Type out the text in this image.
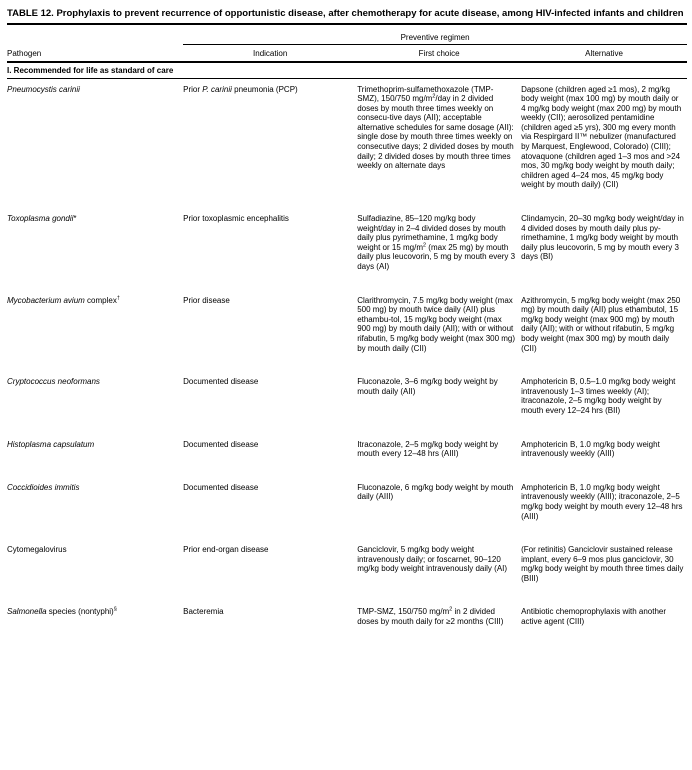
TABLE 12. Prophylaxis to prevent recurrence of opportunistic disease, after chemotherapy for acute disease, among HIV-infected infants and children
	Preventive regimen		
Pathogen	Indication	First choice	Alternative
I. Recommended for life as standard of care			
Pneumocystis carinii	Prior P. carinii pneumonia (PCP)	Trimethoprim-sulfamethoxazole (TMP-SMZ), 150/750 $mg/m^2$/day in 2 divided doses by mouth three times weekly on consecu-tive days (AII); acceptable alternative schedules for same dosage (AII): single dose by mouth three times weekly on consecutive days; 2 divided doses by mouth daily; 2 divided doses by mouth three times weekly on alternate days	Dapsone (children aged ≥1 mos), 2 mg/kg body weight (max 100 mg) by mouth daily or 4 mg/kg body weight (max 200 mg) by mouth weekly (CII); aerosolized pentamidine (children aged ≥5 yrs), 300 mg every month via Respirgard II™ nebulizer (manufactured by Marquest, Englewood, Colorado) (CIII); atovaquone (children aged 1–3 mos and >24 mos, 30 mg/kg body weight by mouth daily; children aged 4–24 mos, 45 mg/kg body weight by mouth daily) (CII)
Toxoplasma gondii*	Prior toxoplasmic encephalitis	Sulfadiazine, 85–120 mg/kg body weight/day in 2–4 divided doses by mouth daily plus pyrimethamine, 1 mg/kg body weight or 15 $mg/m^2$ (max 25 mg) by mouth daily plus leucovorin, 5 mg by mouth every 3 days (AI)	Clindamycin, 20–30 mg/kg body weight/day in 4 divided doses by mouth daily plus py-rimethamine, 1 mg/kg body weight by mouth daily plus leucovorin, 5 mg by mouth every 3 days (BI)
Mycobacterium avium complex†	Prior disease	Clarithromycin, 7.5 mg/kg body weight (max 500 mg) by mouth twice daily (AII) plus ethambu-tol, 15 mg/kg body weight (max 900 mg) by mouth daily (AII); with or without rifabutin, 5 mg/kg body weight (max 300 mg) by mouth daily (CII)	Azithromycin, 5 mg/kg body weight (max 250 mg) by mouth daily (AII) plus ethambutol, 15 mg/kg body weight (max 900 mg) by mouth daily (AII); with or without rifabutin, 5 mg/kg body weight (max 300 mg) by mouth daily (CII)
Cryptococcus neoformans	Documented disease	Fluconazole, 3–6 mg/kg body weight by mouth daily (AII)	Amphotericin B, 0.5–1.0 mg/kg body weight intravenously 1–3 times weekly (AI); itraconazole, 2–5 mg/kg body weight by mouth every 12–24 hrs (BII)
Histoplasma capsulatum	Documented disease	Itraconazole, 2–5 mg/kg body weight by mouth every 12–48 hrs (AIII)	Amphotericin B, 1.0 mg/kg body weight intravenously weekly (AIII)
Coccidioides immitis	Documented disease	Fluconazole, 6 mg/kg body weight by mouth daily (AIII)	Amphotericin B, 1.0 mg/kg body weight intravenously weekly (AIII); itraconazole, 2–5 mg/kg body weight by mouth every 12–48 hrs (AIII)
Cytomegalovirus	Prior end-organ disease	Ganciclovir, 5 mg/kg body weight intravenously daily; or foscarnet, 90–120 mg/kg body weight intravenously daily (AI)	(For retinitis) Ganciclovir sustained release implant, every 6–9 mos plus ganciclovir, 30 mg/kg body weight by mouth three times daily (BIII)
Salmonella species (nontyphi)§	Bacteremia	TMP-SMZ, 150/750 $mg/m^2$ in 2 divided doses by mouth daily for ≥2 months (CIII)	Antibiotic chemoprophylaxis with another active agent (CIII)
